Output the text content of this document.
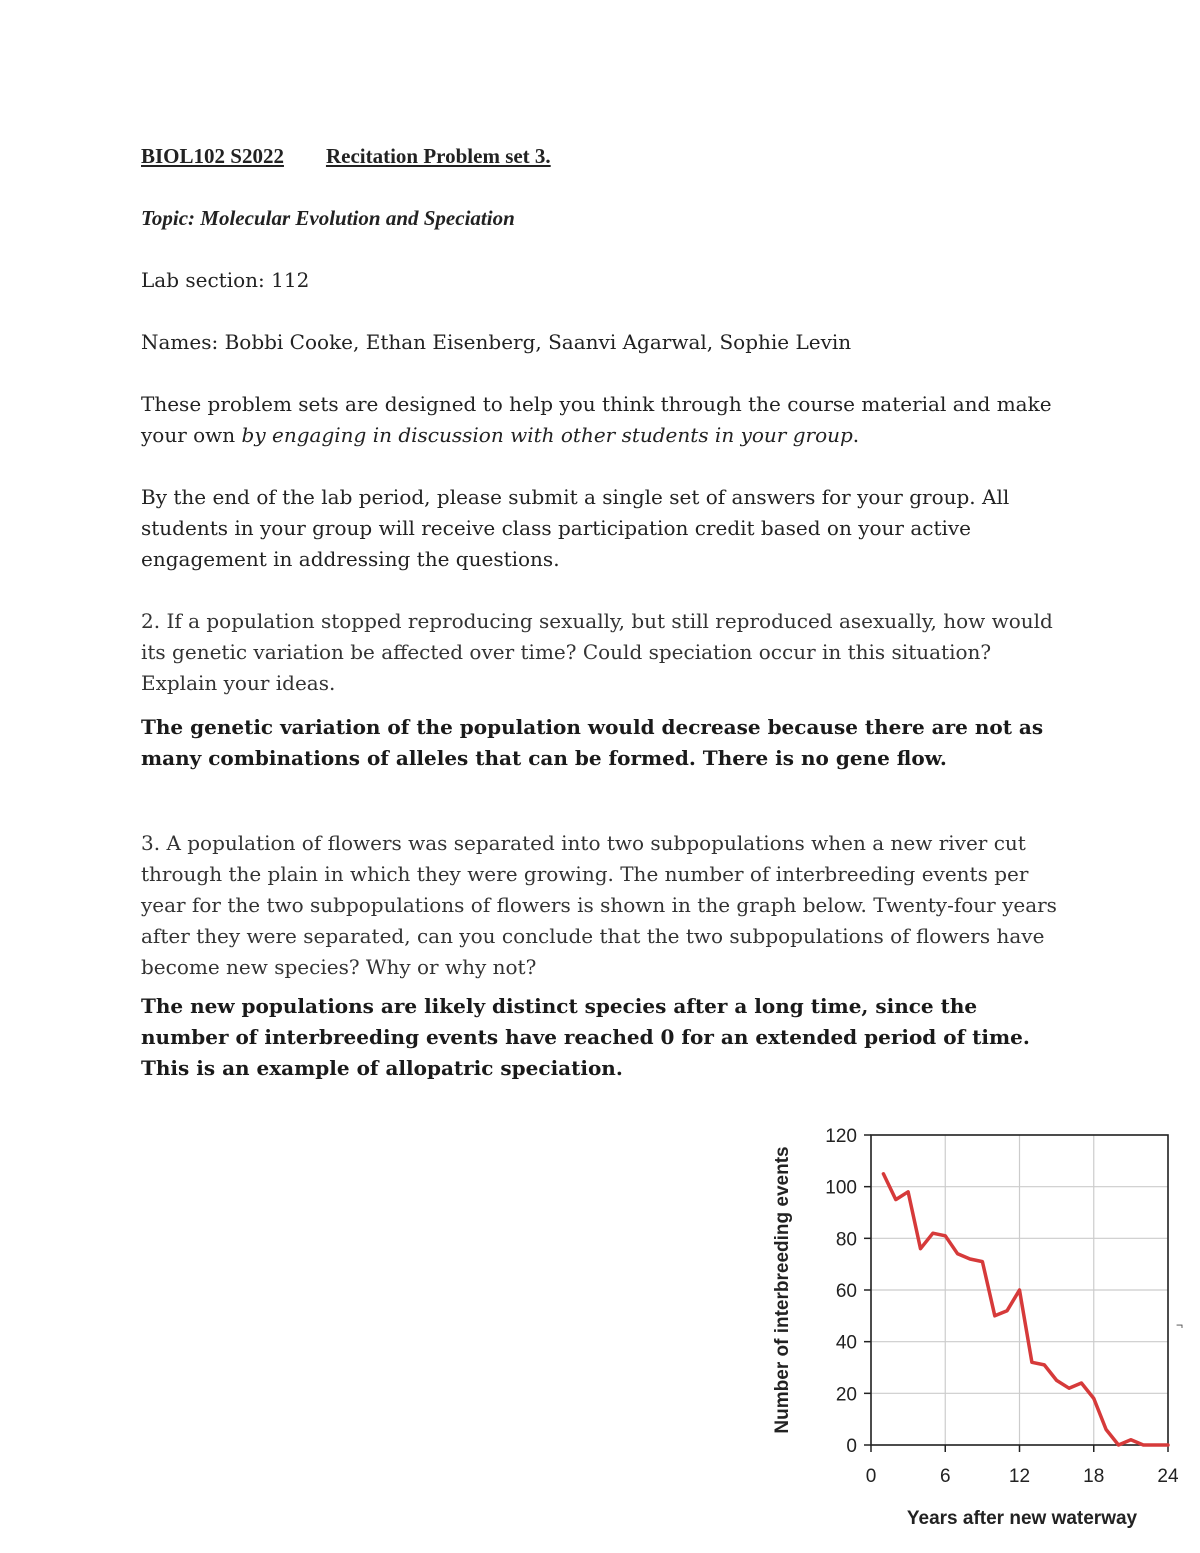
BIOL102 S2022 Recitation Problem set 3.
Topic: Molecular Evolution and Speciation
Lab section: 112
Names: Bobbi Cooke, Ethan Eisenberg, Saanvi Agarwal, Sophie Levin
These problem sets are designed to help you think through the course material and make your own by engaging in discussion with other students in your group.
By the end of the lab period, please submit a single set of answers for your group. All students in your group will receive class participation credit based on your active engagement in addressing the questions.
2. If a population stopped reproducing sexually, but still reproduced asexually, how would its genetic variation be affected over time? Could speciation occur in this situation? Explain your ideas.
The genetic variation of the population would decrease because there are not as many combinations of alleles that can be formed. There is no gene flow.
3. A population of flowers was separated into two subpopulations when a new river cut through the plain in which they were growing. The number of interbreeding events per year for the two subpopulations of flowers is shown in the graph below. Twenty-four years after they were separated, can you conclude that the two subpopulations of flowers have become new species? Why or why not?
The new populations are likely distinct species after a long time, since the number of interbreeding events have reached 0 for an extended period of time. This is an example of allopatric speciation.
0
20
40
60
80
100
120
0	6	12	18	24
Number of interbreeding events
Years after new waterway
¬
